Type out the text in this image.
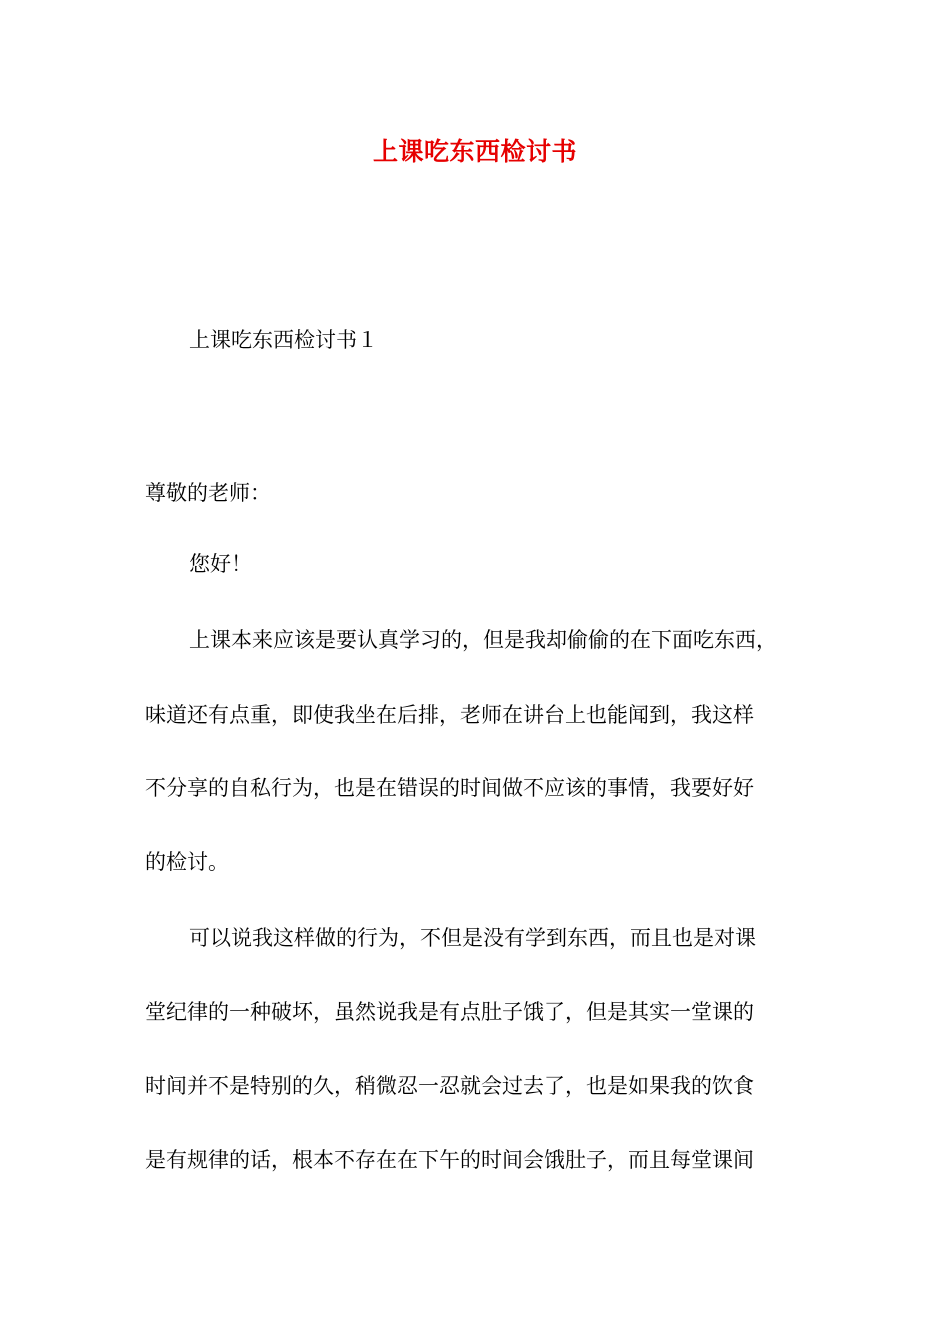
上课吃东西检讨书
上课吃东西检讨书１
尊敬的老师：
您好！
上课本来应该是要认真学习的，但是我却偷偷的在下面吃东西，
味道还有点重，即使我坐在后排，老师在讲台上也能闻到，我这样
不分享的自私行为，也是在错误的时间做不应该的事情，我要好好
的检讨。
可以说我这样做的行为，不但是没有学到东西，而且也是对课
堂纪律的一种破坏，虽然说我是有点肚子饿了，但是其实一堂课的
时间并不是特别的久，稍微忍一忍就会过去了，也是如果我的饮食
是有规律的话，根本不存在在下午的时间会饿肚子，而且每堂课间
